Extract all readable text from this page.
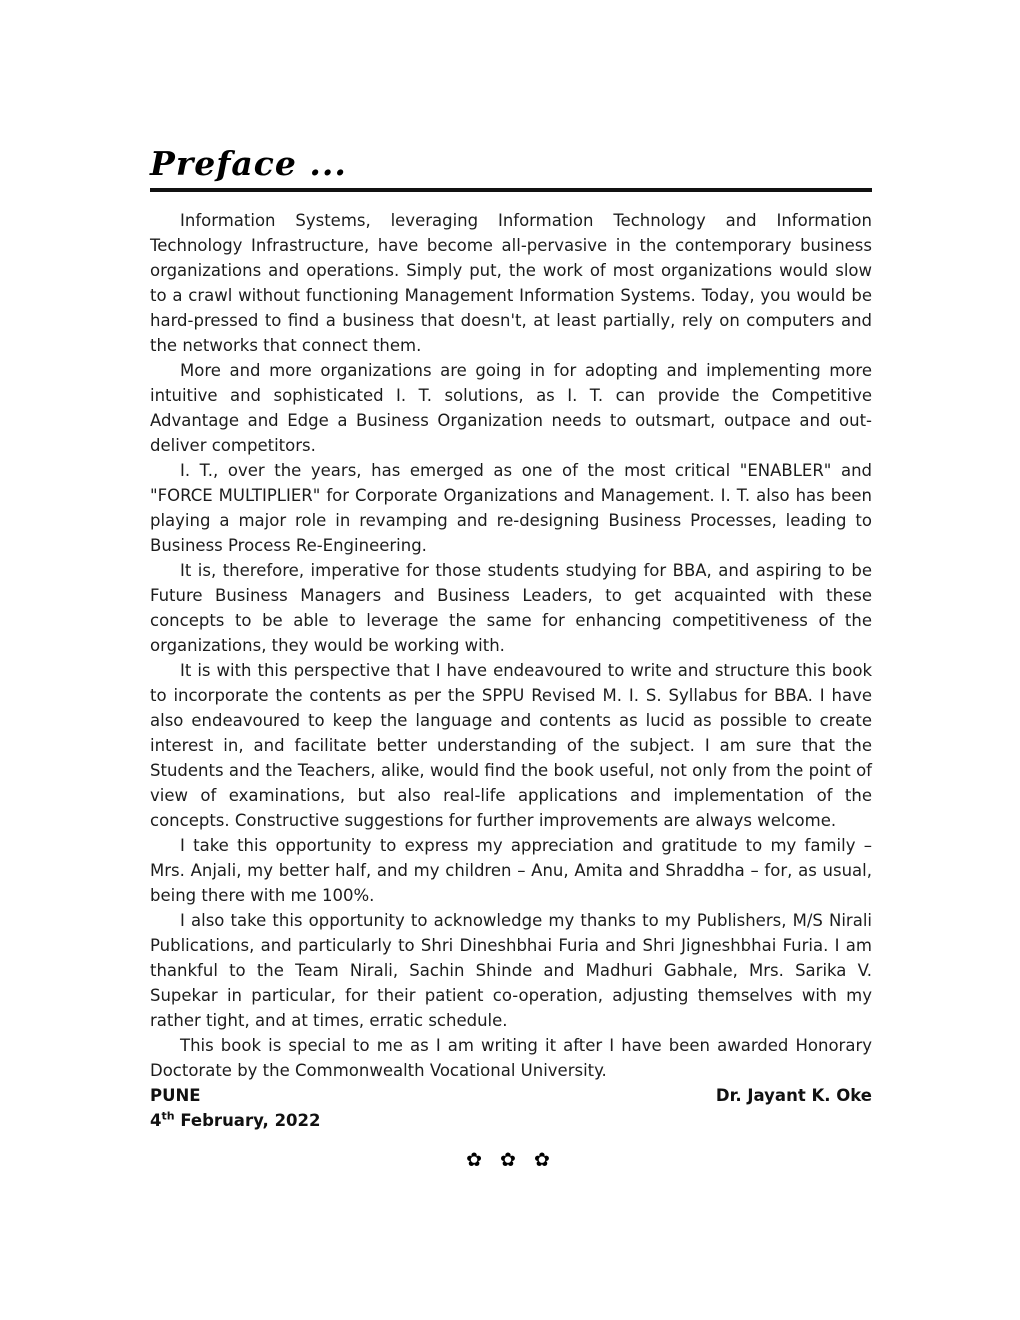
Preface ...

Information Systems, leveraging Information Technology and Information Technology Infrastructure, have become all-pervasive in the contemporary business organizations and operations. Simply put, the work of most organizations would slow to a crawl without functioning Management Information Systems. Today, you would be hard-pressed to find a business that doesn't, at least partially, rely on computers and the networks that connect them.

More and more organizations are going in for adopting and implementing more intuitive and sophisticated I. T. solutions, as I. T. can provide the Competitive Advantage and Edge a Business Organization needs to outsmart, outpace and out-deliver competitors.

I. T., over the years, has emerged as one of the most critical "ENABLER" and "FORCE MULTIPLIER" for Corporate Organizations and Management. I. T. also has been playing a major role in revamping and re-designing Business Processes, leading to Business Process Re-Engineering.

It is, therefore, imperative for those students studying for BBA, and aspiring to be Future Business Managers and Business Leaders, to get acquainted with these concepts to be able to leverage the same for enhancing competitiveness of the organizations, they would be working with.

It is with this perspective that I have endeavoured to write and structure this book to incorporate the contents as per the SPPU Revised M. I. S. Syllabus for BBA. I have also endeavoured to keep the language and contents as lucid as possible to create interest in, and facilitate better understanding of the subject. I am sure that the Students and the Teachers, alike, would find the book useful, not only from the point of view of examinations, but also real-life applications and implementation of the concepts. Constructive suggestions for further improvements are always welcome.

I take this opportunity to express my appreciation and gratitude to my family – Mrs. Anjali, my better half, and my children – Anu, Amita and Shraddha – for, as usual, being there with me 100%.

I also take this opportunity to acknowledge my thanks to my Publishers, M/S Nirali Publications, and particularly to Shri Dineshbhai Furia and Shri Jigneshbhai Furia. I am thankful to the Team Nirali, Sachin Shinde and Madhuri Gabhale, Mrs. Sarika V. Supekar in particular, for their patient co-operation, adjusting themselves with my rather tight, and at times, erratic schedule.

This book is special to me as I am writing it after I have been awarded Honorary Doctorate by the Commonwealth Vocational University.

PUNE	Dr. Jayant K. Oke
4th February, 2022
✿ ✿ ✿
